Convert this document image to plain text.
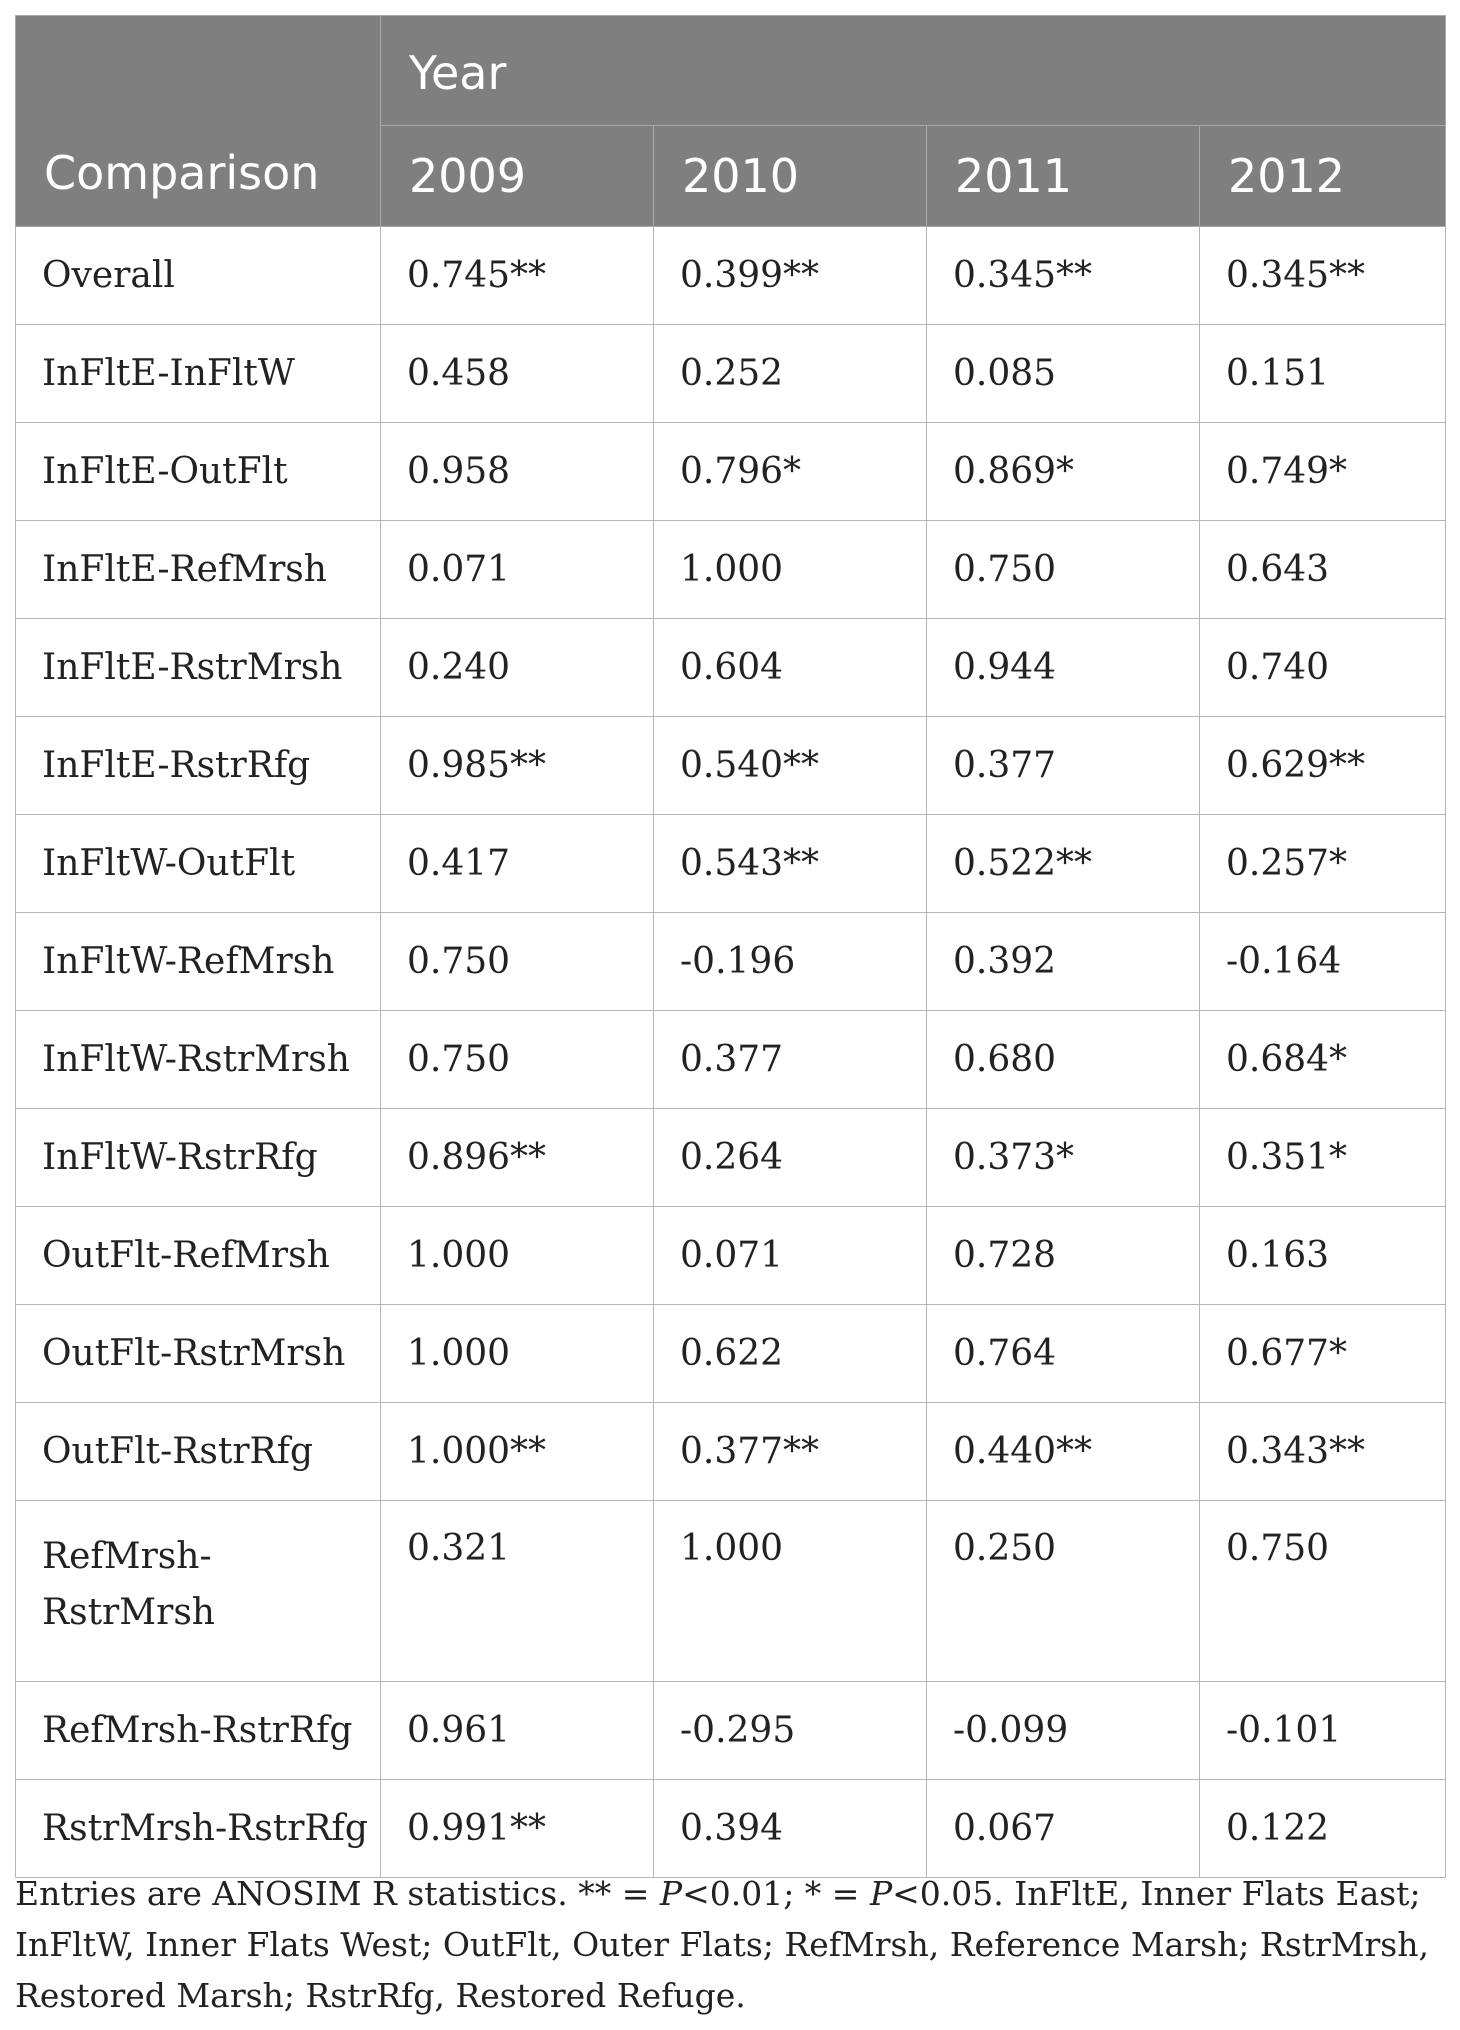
Comparison	Year			
	2009	2010	2011	2012
Overall	0.745**	0.399**	0.345**	0.345**
InFltE-InFltW	0.458	0.252	0.085	0.151
InFltE-OutFlt	0.958	0.796*	0.869*	0.749*
InFltE-RefMrsh	0.071	1.000	0.750	0.643
InFltE-RstrMrsh	0.240	0.604	0.944	0.740
InFltE-RstrRfg	0.985**	0.540**	0.377	0.629**
InFltW-OutFlt	0.417	0.543**	0.522**	0.257*
InFltW-RefMrsh	0.750	-0.196	0.392	-0.164
InFltW-RstrMrsh	0.750	0.377	0.680	0.684*
InFltW-RstrRfg	0.896**	0.264	0.373*	0.351*
OutFlt-RefMrsh	1.000	0.071	0.728	0.163
OutFlt-RstrMrsh	1.000	0.622	0.764	0.677*
OutFlt-RstrRfg	1.000**	0.377**	0.440**	0.343**
RefMrsh-
RstrMrsh	0.321	1.000	0.250	0.750
RefMrsh-RstrRfg	0.961	-0.295	-0.099	-0.101
RstrMrsh-RstrRfg	0.991**	0.394	0.067	0.122
Entries are ANOSIM R statistics. ** = P<0.01; * = P<0.05. InFltE, Inner Flats East; InFltW, Inner Flats West; OutFlt, Outer Flats; RefMrsh, Reference Marsh; RstrMrsh, Restored Marsh; RstrRfg, Restored Refuge.
